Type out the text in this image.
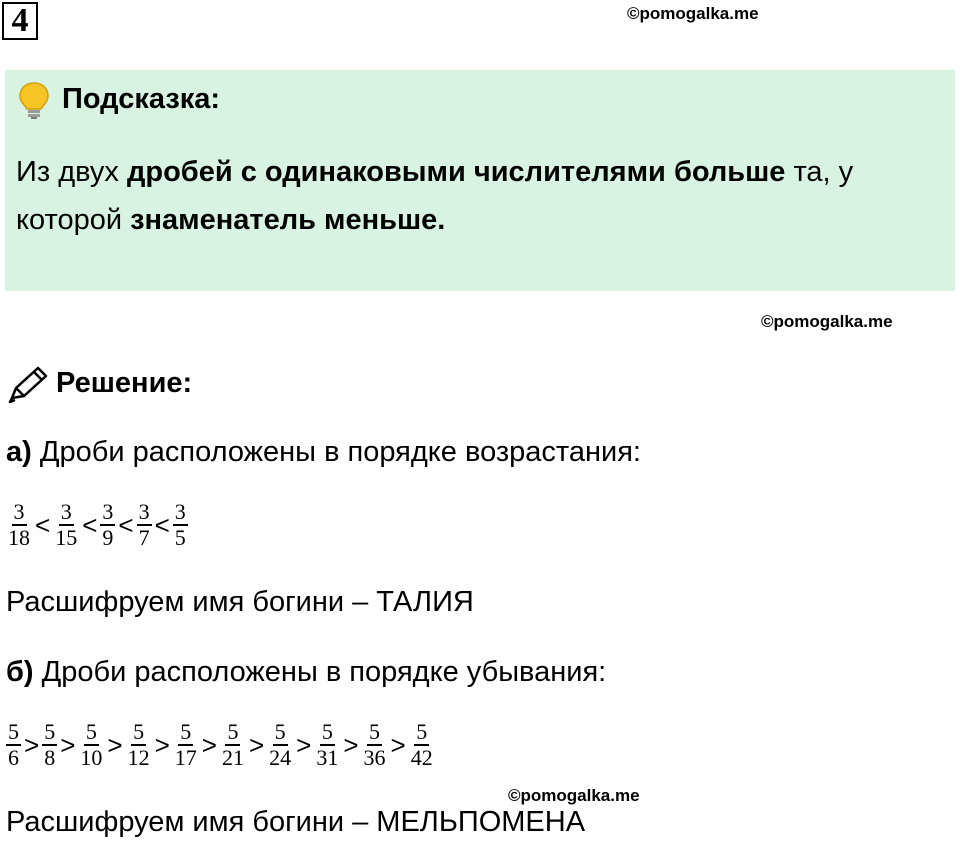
4	©pomogalka.me
Подсказка:
Из двух дробей с одинаковыми числителями больше та, у которой знаменатель меньше.
©pomogalka.me
Решение:
а) Дроби расположены в порядке возрастания:
$\frac{3}{18} < \frac{3}{15} < \frac{3}{9} < \frac{3}{7} < \frac{3}{5}$
Расшифруем имя богини – ТАЛИЯ
б) Дроби расположены в порядке убывания:
$\frac{5}{6} > \frac{5}{8} > \frac{5}{10} > \frac{5}{12} > \frac{5}{17} > \frac{5}{21} > \frac{5}{24} > \frac{5}{31} > \frac{5}{36} > \frac{5}{42}$
©pomogalka.me
Расшифруем имя богини – МЕЛЬПОМЕНА
